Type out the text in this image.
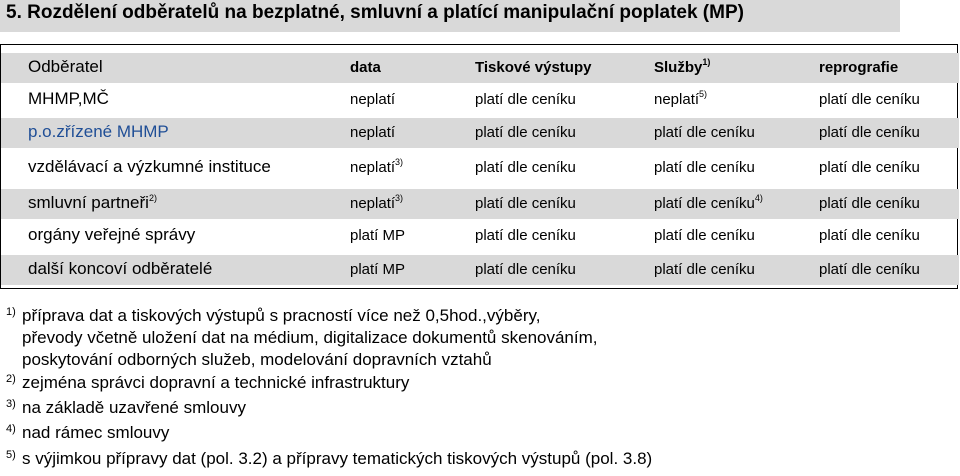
5. Rozdělení odběratelů na bezplatné, smluvní a platící manipulační poplatek (MP)
Odběratel	data	Tiskové výstupy	Služby$^{1)}$	reprografie
MHMP,MČ	neplatí	platí dle ceníku	neplatí$^{5)}$	platí dle ceníku
p.o.zřízené MHMP	neplatí	platí dle ceníku	platí dle ceníku	platí dle ceníku
vzdělávací a výzkumné instituce	neplatí$^{3)}$	platí dle ceníku	platí dle ceníku	platí dle ceníku
smluvní partneři$^{2)}$	neplatí$^{3)}$	platí dle ceníku	platí dle ceníku$^{4)}$	platí dle ceníku
orgány veřejné správy	platí MP	platí dle ceníku	platí dle ceníku	platí dle ceníku
další koncoví odběratelé	platí MP	platí dle ceníku	platí dle ceníku	platí dle ceníku
$^{1)}$ příprava dat a tiskových výstupů s pracností více než 0,5hod.,výběry,
převody včetně uložení dat na médium, digitalizace dokumentů skenováním,
poskytování odborných služeb, modelování dopravních vztahů
$^{2)}$ zejména správci dopravní a technické infrastruktury
$^{3)}$ na základě uzavřené smlouvy
$^{4)}$ nad rámec smlouvy
$^{5)}$ s výjimkou přípravy dat (pol. 3.2) a přípravy tematických tiskových výstupů (pol. 3.8)
